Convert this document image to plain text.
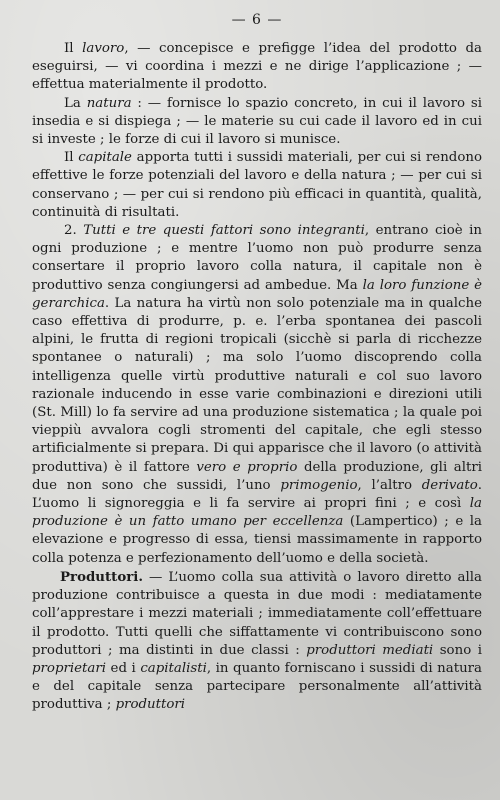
— 6 —

Il lavoro, — concepisce e prefigge l’idea del prodotto da eseguirsi, — vi coordina i mezzi e ne dirige l’applicazione ; — effettua materialmente il prodotto.

La natura : — fornisce lo spazio concreto, in cui il lavoro si insedia e si dispiega ; — le materie su cui cade il lavoro ed in cui si investe ; le forze di cui il lavoro si munisce.

Il capitale apporta tutti i sussidi materiali, per cui si rendono effettive le forze potenziali del lavoro e della natura ; — per cui si conservano ; — per cui si rendono più efficaci in quantità, qualità, continuità di risultati.

2. Tutti e tre questi fattori sono integranti, entrano cioè in ogni produzione ; e mentre l’uomo non può produrre senza consertare il proprio lavoro colla natura, il capitale non è produttivo senza congiungersi ad ambedue. Ma la loro funzione è gerarchica. La natura ha virtù non solo potenziale ma in qualche caso effettiva di produrre, p. e. l’erba spontanea dei pascoli alpini, le frutta di regioni tropicali (sicchè si parla di ricchezze spontanee o naturali) ; ma solo l’uomo discoprendo colla intelligenza quelle virtù produttive naturali e col suo lavoro razionale inducendo in esse varie combinazioni e direzioni utili (St. Mill) lo fa servire ad una produzione sistematica ; la quale poi vieppiù avvalora cogli stromenti del capitale, che egli stesso artificialmente si prepara. Di qui apparisce che il lavoro (o attività produttiva) è il fattore vero e proprio della produzione, gli altri due non sono che sussidi, l’uno primogenio, l’altro derivato. L’uomo li signoreggia e li fa servire ai propri fini ; e così la produzione è un fatto umano per eccellenza (Lampertico) ; e la elevazione e progresso di essa, tiensi massimamente in rapporto colla potenza e perfezionamento dell’uomo e della società.

Produttori. — L’uomo colla sua attività o lavoro diretto alla produzione contribuisce a questa in due modi : mediatamente coll’apprestare i mezzi materiali ; immediatamente coll’effettuare il prodotto. Tutti quelli che siffattamente vi contribuiscono sono produttori ; ma distinti in due classi : produttori mediati sono i proprietari ed i capitalisti, in quanto forniscano i sussidi di natura e del capitale senza partecipare personalmente all’attività produttiva ; produttori
